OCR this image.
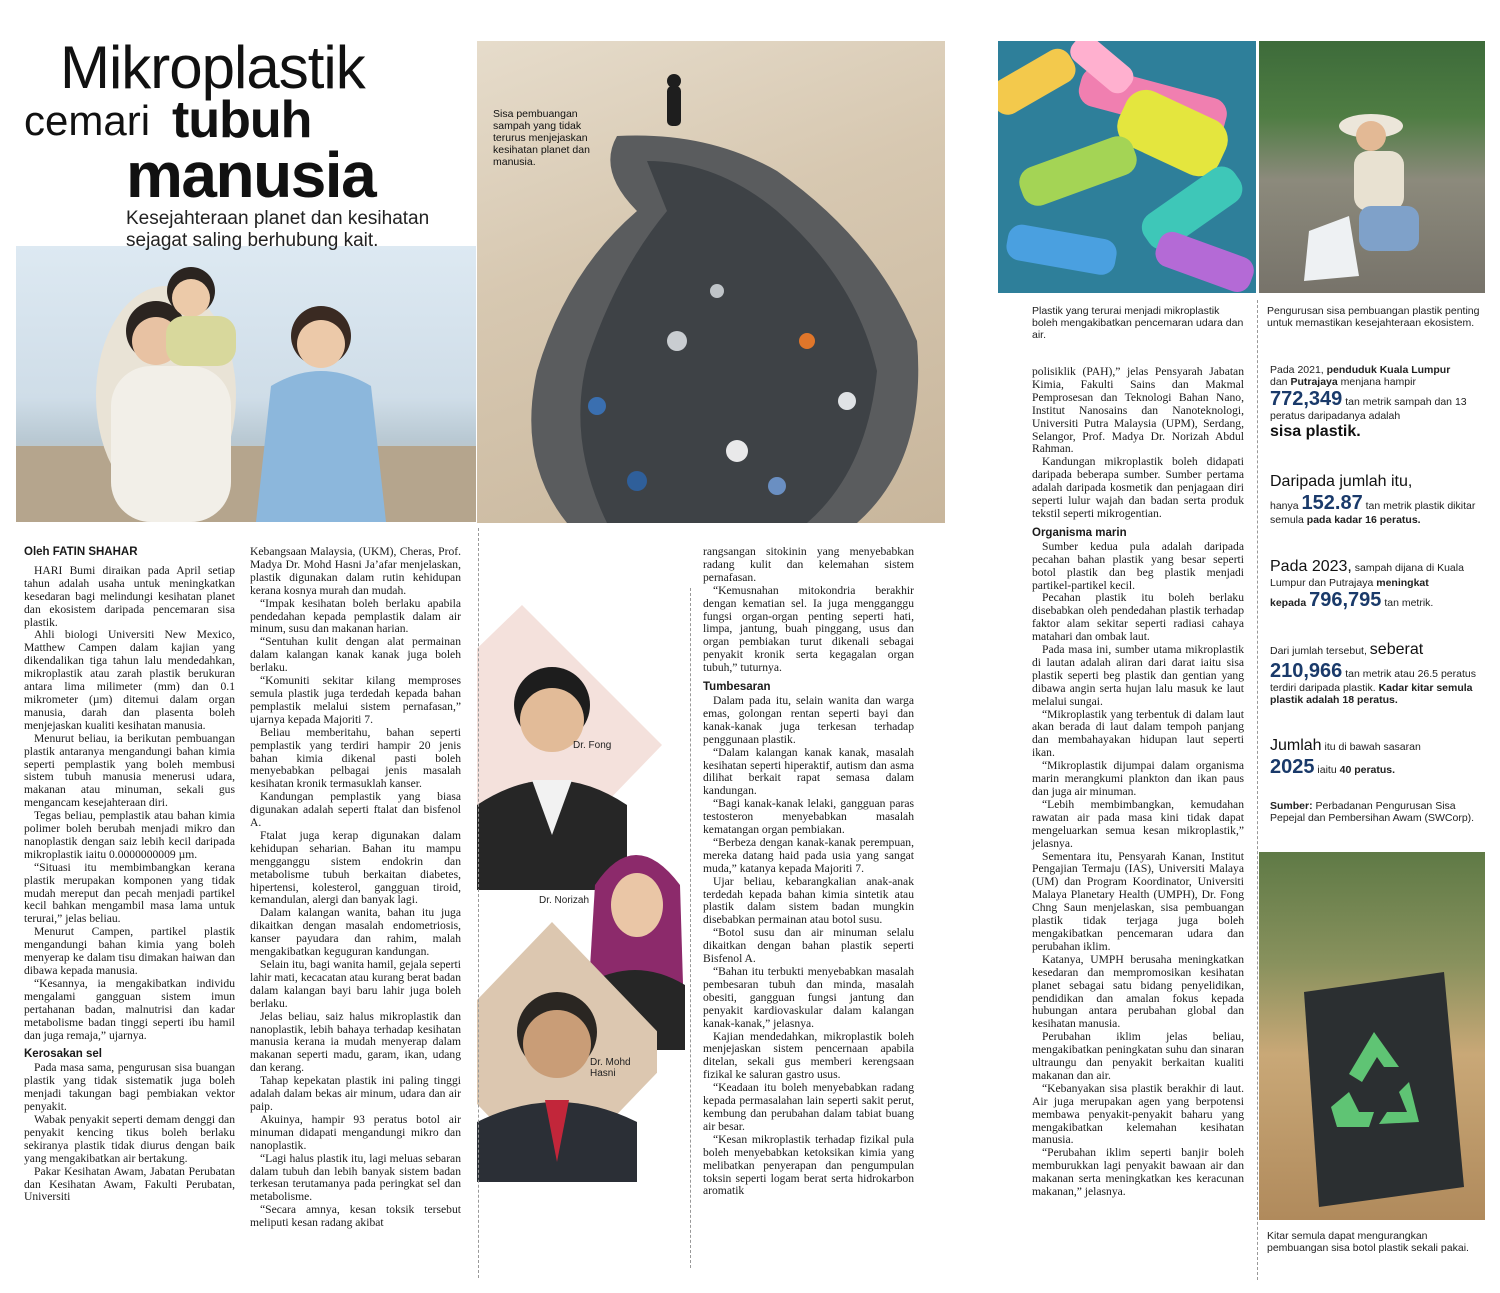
Mikroplastik
cemari tubuh
manusia
Kesejahteraan planet dan kesihatan sejagat saling berhubung kait.
Sisa pembuangan sampah yang tidak terurus menjejaskan kesihatan planet dan manusia.
Plastik yang terurai menjadi mikroplastik boleh mengakibatkan pencemaran udara dan air.
Pengurusan sisa pembuangan plastik penting untuk memastikan kesejahteraan ekosistem.
Kitar semula dapat mengurangkan pembuangan sisa botol plastik sekali pakai.
Dr. Fong
Dr. Norizah
Dr. Mohd Hasni

Oleh FATIN SHAHAR

HARI Bumi diraikan pada April setiap tahun adalah usaha untuk meningkatkan kesedaran bagi melindungi kesihatan planet dan ekosistem daripada pencemaran sisa plastik.

Ahli biologi Universiti New Mexico, Matthew Campen dalam kajian yang dikendalikan tiga tahun lalu mendedahkan, mikroplastik atau zarah plastik berukuran antara lima milimeter (mm) dan 0.1 mikrometer (µm) ditemui dalam organ manusia, darah dan plasenta boleh menjejaskan kualiti kesihatan manusia.

Menurut beliau, ia berikutan pembuangan plastik antaranya mengandungi bahan kimia seperti pemplastik yang boleh membusi sistem tubuh manusia menerusi udara, makanan atau minuman, sekali gus mengancam kesejahteraan diri.

Tegas beliau, pemplastik atau bahan kimia polimer boleh berubah menjadi mikro dan nanoplastik dengan saiz lebih kecil daripada mikroplastik iaitu 0.0000000009 µm.

“Situasi itu membimbangkan kerana plastik merupakan komponen yang tidak mudah mereput dan pecah menjadi partikel kecil bahkan mengambil masa lama untuk terurai,” jelas beliau.

Menurut Campen, partikel plastik mengandungi bahan kimia yang boleh menyerap ke dalam tisu dimakan haiwan dan dibawa kepada manusia.

“Kesannya, ia mengakibatkan individu mengalami gangguan sistem imun pertahanan badan, malnutrisi dan kadar metabolisme badan tinggi seperti ibu hamil dan juga remaja,” ujarnya.

Kerosakan sel

Pada masa sama, pengurusan sisa buangan plastik yang tidak sistematik juga boleh menjadi takungan bagi pembiakan vektor penyakit.

Wabak penyakit seperti demam denggi dan penyakit kencing tikus boleh berlaku sekiranya plastik tidak diurus dengan baik yang mengakibatkan air bertakung.

Pakar Kesihatan Awam, Jabatan Perubatan dan Kesihatan Awam, Fakulti Perubatan, Universiti

Kebangsaan Malaysia, (UKM), Cheras, Prof. Madya Dr. Mohd Hasni Ja’afar menjelaskan, plastik digunakan dalam rutin kehidupan kerana kosnya murah dan mudah.

“Impak kesihatan boleh berlaku apabila pendedahan kepada pemplastik dalam air minum, susu dan makanan harian.

“Sentuhan kulit dengan alat permainan dalam kalangan kanak kanak juga boleh berlaku.

“Komuniti sekitar kilang memproses semula plastik juga terdedah kepada bahan pemplastik melalui sistem pernafasan,” ujarnya kepada Majoriti 7.

Beliau memberitahu, bahan seperti pemplastik yang terdiri hampir 20 jenis bahan kimia dikenal pasti boleh menyebabkan pelbagai jenis masalah kesihatan kronik termasuklah kanser.

Kandungan pemplastik yang biasa digunakan adalah seperti ftalat dan bisfenol A.

Ftalat juga kerap digunakan dalam kehidupan seharian. Bahan itu mampu mengganggu sistem endokrin dan metabolisme tubuh berkaitan diabetes, hipertensi, kolesterol, gangguan tiroid, kemandulan, alergi dan banyak lagi.

Dalam kalangan wanita, bahan itu juga dikaitkan dengan masalah endometriosis, kanser payudara dan rahim, malah mengakibatkan keguguran kandungan.

Selain itu, bagi wanita hamil, gejala seperti lahir mati, kecacatan atau kurang berat badan dalam kalangan bayi baru lahir juga boleh berlaku.

Jelas beliau, saiz halus mikroplastik dan nanoplastik, lebih bahaya terhadap kesihatan manusia kerana ia mudah menyerap dalam makanan seperti madu, garam, ikan, udang dan kerang.

Tahap kepekatan plastik ini paling tinggi adalah dalam bekas air minum, udara dan air paip.

Akuinya, hampir 93 peratus botol air minuman didapati mengandungi mikro dan nanoplastik.

“Lagi halus plastik itu, lagi meluas sebaran dalam tubuh dan lebih banyak sistem badan terkesan terutamanya pada peringkat sel dan metabolisme.

“Secara amnya, kesan toksik tersebut meliputi kesan radang akibat

rangsangan sitokinin yang menyebabkan radang kulit dan kelemahan sistem pernafasan.

“Kemusnahan mitokondria berakhir dengan kematian sel. Ia juga mengganggu fungsi organ-organ penting seperti hati, limpa, jantung, buah pinggang, usus dan organ pembiakan turut dikenali sebagai penyakit kronik serta kegagalan organ tubuh,” tuturnya.

Tumbesaran

Dalam pada itu, selain wanita dan warga emas, golongan rentan seperti bayi dan kanak-kanak juga terkesan terhadap penggunaan plastik.

“Dalam kalangan kanak kanak, masalah kesihatan seperti hiperaktif, autism dan asma dilihat berkait rapat semasa dalam kandungan.

“Bagi kanak-kanak lelaki, gangguan paras testosteron menyebabkan masalah kematangan organ pembiakan.

“Berbeza dengan kanak-kanak perempuan, mereka datang haid pada usia yang sangat muda,” katanya kepada Majoriti 7.

Ujar beliau, kebarangkalian anak-anak terdedah kepada bahan kimia sintetik atau plastik dalam sistem badan mungkin disebabkan permainan atau botol susu.

“Botol susu dan air minuman selalu dikaitkan dengan bahan plastik seperti Bisfenol A.

“Bahan itu terbukti menyebabkan masalah pembesaran tubuh dan minda, masalah obesiti, gangguan fungsi jantung dan penyakit kardiovaskular dalam kalangan kanak-kanak,” jelasnya.

Kajian mendedahkan, mikroplastik boleh menjejaskan sistem pencernaan apabila ditelan, sekali gus memberi kerengsaan fizikal ke saluran gastro usus.

“Keadaan itu boleh menyebabkan radang kepada permasalahan lain seperti sakit perut, kembung dan perubahan dalam tabiat buang air besar.

“Kesan mikroplastik terhadap fizikal pula boleh menyebabkan ketoksikan kimia yang melibatkan penyerapan dan pengumpulan toksin seperti logam berat serta hidrokarbon aromatik

polisiklik (PAH),” jelas Pensyarah Jabatan Kimia, Fakulti Sains dan Makmal Pemprosesan dan Teknologi Bahan Nano, Institut Nanosains dan Nanoteknologi, Universiti Putra Malaysia (UPM), Serdang, Selangor, Prof. Madya Dr. Norizah Abdul Rahman.

Kandungan mikroplastik boleh didapati daripada beberapa sumber. Sumber pertama adalah daripada kosmetik dan penjagaan diri seperti lulur wajah dan badan serta produk tekstil seperti mikrogentian.

Organisma marin

Sumber kedua pula adalah daripada pecahan bahan plastik yang besar seperti botol plastik dan beg plastik menjadi partikel-partikel kecil.

Pecahan plastik itu boleh berlaku disebabkan oleh pendedahan plastik terhadap faktor alam sekitar seperti radiasi cahaya matahari dan ombak laut.

Pada masa ini, sumber utama mikroplastik di lautan adalah aliran dari darat iaitu sisa plastik seperti beg plastik dan gentian yang dibawa angin serta hujan lalu masuk ke laut melalui sungai.

“Mikroplastik yang terbentuk di dalam laut akan berada di laut dalam tempoh panjang dan membahayakan hidupan laut seperti ikan.

“Mikroplastik dijumpai dalam organisma marin merangkumi plankton dan ikan paus dan juga air minuman.

“Lebih membimbangkan, kemudahan rawatan air pada masa kini tidak dapat mengeluarkan semua kesan mikroplastik,” jelasnya.

Sementara itu, Pensyarah Kanan, Institut Pengajian Termaju (IAS), Universiti Malaya (UM) dan Program Koordinator, Universiti Malaya Planetary Health (UMPH), Dr. Fong Chng Saun menjelaskan, sisa pembuangan plastik tidak terjaga juga boleh mengakibatkan pencemaran udara dan perubahan iklim.

Katanya, UMPH berusaha meningkatkan kesedaran dan mempromosikan kesihatan planet sebagai satu bidang penyelidikan, pendidikan dan amalan fokus kepada hubungan antara perubahan global dan kesihatan manusia.

Perubahan iklim jelas beliau, mengakibatkan peningkatan suhu dan sinaran ultraungu dan penyakit berkaitan kualiti makanan dan air.

“Kebanyakan sisa plastik berakhir di laut. Air juga merupakan agen yang berpotensi membawa penyakit-penyakit baharu yang mengakibatkan kelemahan kesihatan manusia.

“Perubahan iklim seperti banjir boleh memburukkan lagi penyakit bawaan air dan makanan serta meningkatkan kes keracunan makanan,” jelasnya.

Pada 2021, penduduk Kuala Lumpur
dan Putrajaya menjana hampir
772,349 tan metrik sampah dan 13 peratus daripadanya adalah
sisa plastik.
Daripada jumlah itu,
hanya 152.87 tan metrik plastik dikitar semula pada kadar 16 peratus.
Pada 2023, sampah dijana di Kuala Lumpur dan Putrajaya meningkat
kepada 796,795 tan metrik.
Dari jumlah tersebut, seberat
210,966 tan metrik atau 26.5 peratus terdiri daripada plastik. Kadar kitar semula plastik adalah 18 peratus.
Jumlah itu di bawah sasaran
2025 iaitu 40 peratus.
Sumber: Perbadanan Pengurusan Sisa Pepejal dan Pembersihan Awam (SWCorp).
